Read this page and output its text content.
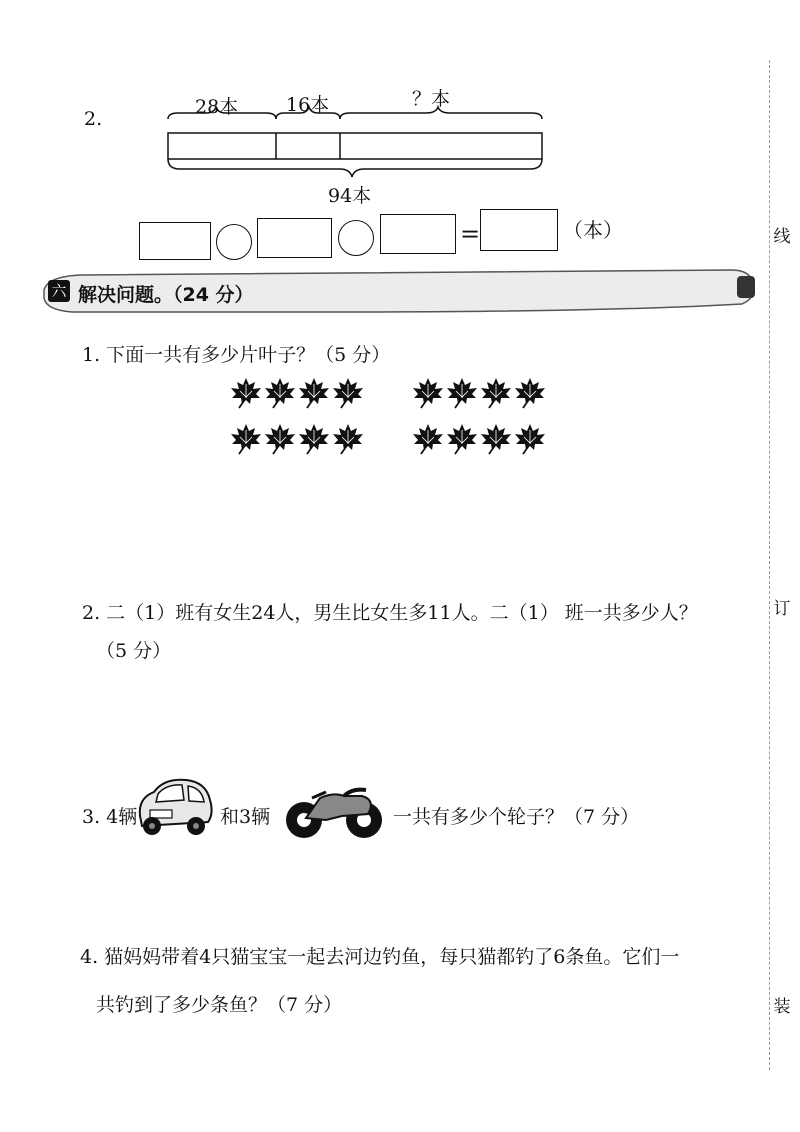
线
订
装
2.
28本	16本	？本
94本
=	（本）
六 解决问题。（24 分）
1. 下面一共有多少片叶子？（5 分）
2. 二（1）班有女生24人，男生比女生多11人。二（1） 班一共多少人？
（5 分）
3. 4辆	和3辆	一共有多少个轮子？（7 分）
4. 猫妈妈带着4只猫宝宝一起去河边钓鱼，每只猫都钓了6条鱼。它们一
共钓到了多少条鱼？（7 分）
